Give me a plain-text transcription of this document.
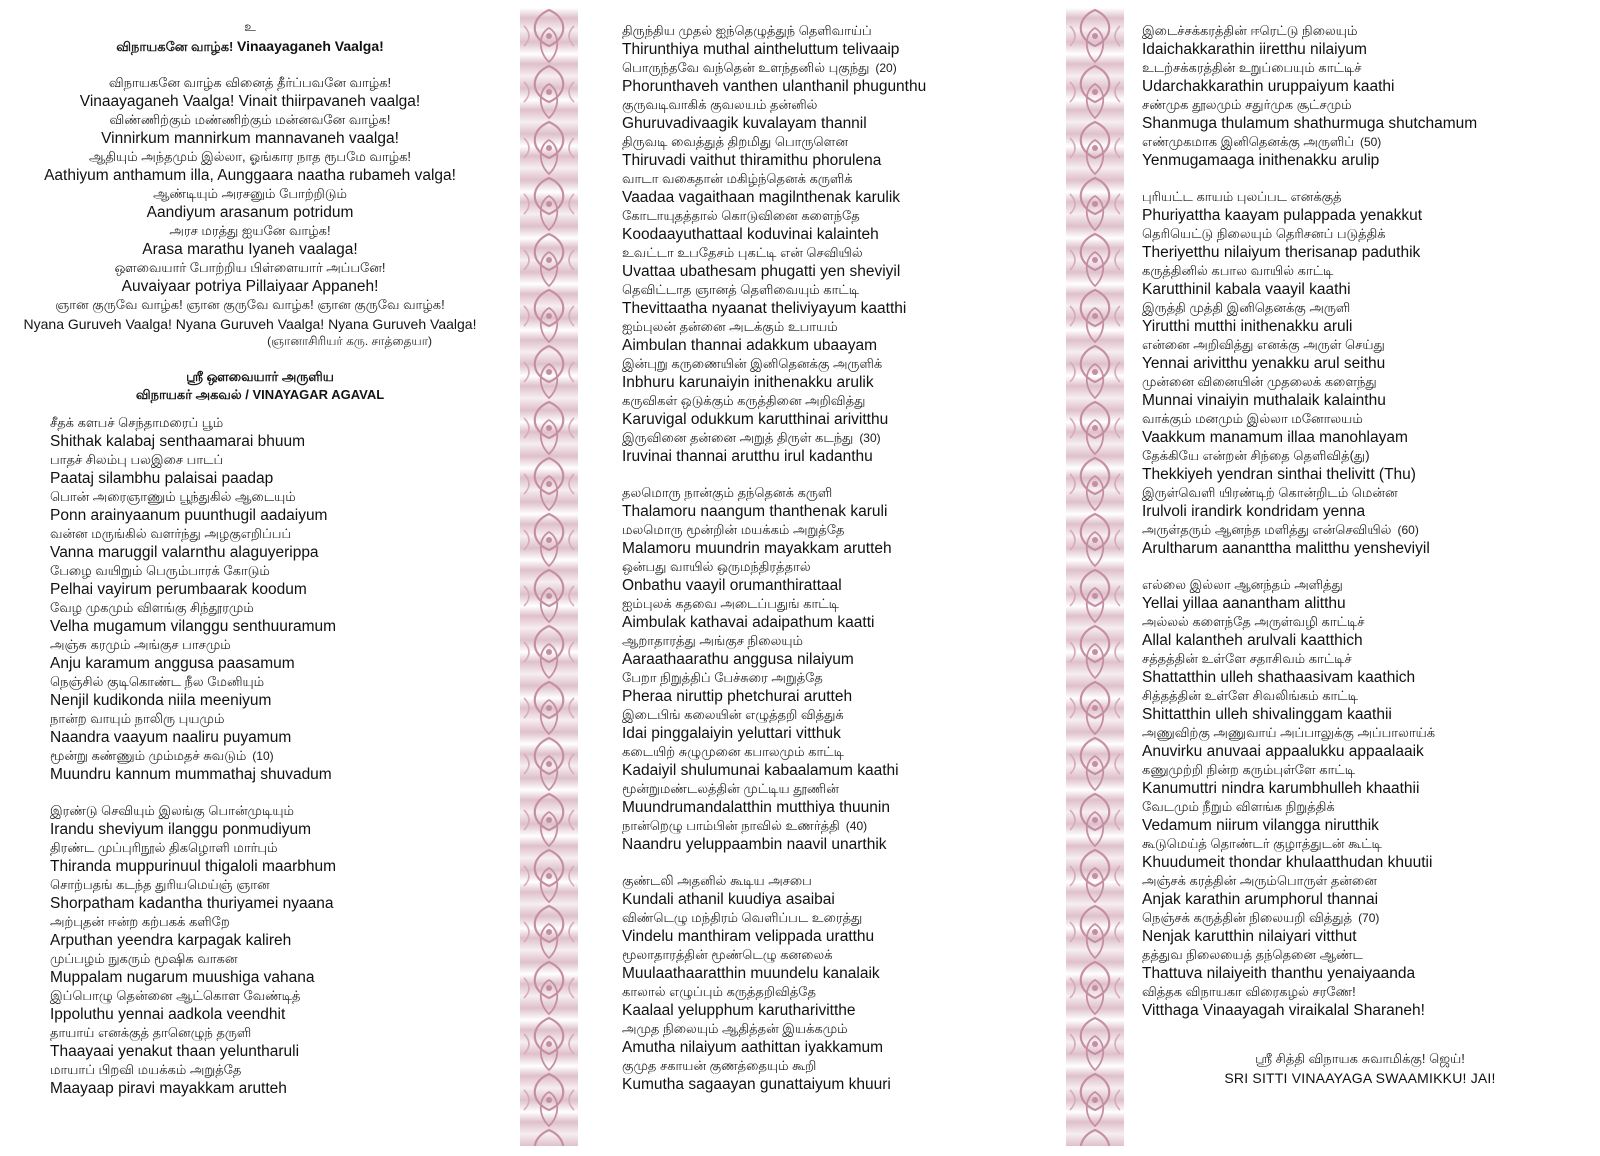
உ
விநாயகனே வாழ்க! Vinaayaganeh Vaalga!
விநாயகனே வாழ்க வினைத் தீர்ப்பவனே வாழ்க!
Vinaayaganeh Vaalga! Vinait thiirpavaneh vaalga!
விண்ணிற்கும் மண்ணிற்கும் மன்னவனே வாழ்க!
Vinnirkum mannirkum mannavaneh vaalga!
ஆதியும் அந்தமும் இல்லா, ஓங்கார நாத ரூபமே வாழ்க!
Aathiyum anthamum illa, Aunggaara naatha rubameh valga!
ஆண்டியும் அரசனும் போற்றிடும்
Aandiyum arasanum potridum
அரச மரத்து ஐயனே வாழ்க!
Arasa marathu Iyaneh vaalaga!
ஔவையார் போற்றிய பிள்ளையார் அப்பனே!
Auvaiyaar potriya Pillaiyaar Appaneh!
ஞான குருவே வாழ்க! ஞான குருவே வாழ்க! ஞான குருவே வாழ்க!
Nyana Guruveh Vaalga! Nyana Guruveh Vaalga! Nyana Guruveh Vaalga!
(ஞானாசிரியர் கரு. சாத்தையா)
ஸ்ரீ ஔவையார் அருளிய
விநாயகர் அகவல் / VINAYAGAR AGAVAL
சீதக் களபச் செந்தாமரைப் பூம்
Shithak kalabaj senthaamarai bhuum
பாதச் சிலம்பு பலஇசை பாடப்
Paataj silambhu palaisai paadap
பொன் அரைஞாணும் பூந்துகில் ஆடையும்
Ponn arainyaanum puunthugil aadaiyum
வன்ன மருங்கில் வளர்ந்து அழகுஎறிப்பப்
Vanna maruggil valarnthu alaguyerippa
பேழை வயிறும் பெரும்பாரக் கோடும்
Pelhai vayirum perumbaarak koodum
வேழ முகமும் விளங்கு சிந்தூரமும்
Velha mugamum vilanggu senthuuramum
அஞ்சு கரமும் அங்குச பாசமும்
Anju karamum anggusa paasamum
நெஞ்சில் குடிகொண்ட நீல மேனியும்
Nenjil kudikonda niila meeniyum
நான்ற வாயும் நாலிரு புயமும்
Naandra vaayum naaliru puyamum
மூன்று கண்ணும் மும்மதச் சுவடும் (10)
Muundru kannum mummathaj shuvadum
இரண்டு செவியும் இலங்கு பொன்முடியும்
Irandu sheviyum ilanggu ponmudiyum
திரண்ட முப்புரிநூல் திகழொளி மார்பும்
Thiranda muppurinuul thigaloli maarbhum
சொற்பதங் கடந்த துரியமெய்ஞ் ஞான
Shorpatham kadantha thuriyamei nyaana
அற்புதன் ஈன்ற கற்பகக் களிறே
Arputhan yeendra karpagak kalireh
முப்பழம் நுகரும் மூஷிக வாகன
Muppalam nugarum muushiga vahana
இப்பொழு தென்னை ஆட்கொள வேண்டித்
Ippoluthu yennai aadkola veendhit
தாயாய் எனக்குத் தானெழுந் தருளி
Thaayaai yenakut thaan yeluntharuli
மாயாப் பிறவி மயக்கம் அறுத்தே
Maayaap piravi mayakkam arutteh
திருந்திய முதல் ஐந்தெழுத்துந் தெளிவாய்ப்
Thirunthiya muthal aintheluttum telivaaip
பொருந்தவே வந்தென் உளந்தனில் புகுந்து (20)
Phorunthaveh vanthen ulanthanil phugunthu
குருவடிவாகிக் குவலயம் தன்னில்
Ghuruvadivaagik kuvalayam thannil
திருவடி வைத்துத் திறமிது பொருளென
Thiruvadi vaithut thiramithu phorulena
வாடா வகைதான் மகிழ்ந்தெனக் கருளிக்
Vaadaa vagaithaan magilnthenak karulik
கோடாயுதத்தால் கொடுவினை களைந்தே
Koodaayuthattaal koduvinai kalainteh
உவட்டா உபதேசம் புகட்டி என் செவியில்
Uvattaa ubathesam phugatti yen sheviyil
தெவிட்டாத ஞானத் தெளிவையும் காட்டி
Thevittaatha nyaanat theliviyayum kaatthi
ஐம்புலன் தன்னை அடக்கும் உபாயம்
Aimbulan thannai adakkum ubaayam
இன்புறு கருணையின் இனிதெனக்கு அருளிக்
Inbhuru karunaiyin inithenakku arulik
கருவிகள் ஒடுக்கும் கருத்தினை அறிவித்து
Karuvigal odukkum karutthinai arivitthu
இருவினை தன்னை அறுத் திருள் கடந்து (30)
Iruvinai thannai arutthu irul kadanthu
தலமொரு நான்கும் தந்தெனக் கருளி
Thalamoru naangum thanthenak karuli
மலமொரு மூன்றின் மயக்கம் அறுத்தே
Malamoru muundrin mayakkam arutteh
ஒன்பது வாயில் ஒருமந்திரத்தால்
Onbathu vaayil orumanthirattaal
ஐம்புலக் கதவை அடைப்பதுங் காட்டி
Aimbulak kathavai adaipathum kaatti
ஆறாதாரத்து அங்குச நிலையும்
Aaraathaarathu anggusa nilaiyum
பேறா நிறுத்திப் பேச்சுரை அறுத்தே
Pheraa niruttip phetchurai arutteh
இடைபிங் கலையின் எழுத்தறி வித்துக்
Idai pinggalaiyin yeluttari vitthuk
கடையிற் சுழுமுனை கபாலமும் காட்டி
Kadaiyil shulumunai kabaalamum kaathi
மூன்றுமண்டலத்தின் முட்டிய தூணின்
Muundrumandalatthin mutthiya thuunin
நான்றெழு பாம்பின் நாவில் உணர்த்தி (40)
Naandru yeluppaambin naavil unarthik
குண்டலி அதனில் கூடிய அசபை
Kundali athanil kuudiya asaibai
விண்டெழு மந்திரம் வெளிப்பட உரைத்து
Vindelu manthiram velippada uratthu
மூலாதாரத்தின் மூண்டெழு கனலைக்
Muulaathaaratthin muundelu kanalaik
காலால் எழுப்பும் கருத்தறிவித்தே
Kaalaal yelupphum karutharivitthe
அமுத நிலையும் ஆதித்தன் இயக்கமும்
Amutha nilaiyum aathittan iyakkamum
குமுத சகாயன் குணத்தையும் கூறி
Kumutha sagaayan gunattaiyum khuuri
இடைச்சக்கரத்தின் ஈரெட்டு நிலையும்
Idaichakkarathin iiretthu nilaiyum
உடற்சக்கரத்தின் உறுப்பையும் காட்டிச்
Udarchakkarathin uruppaiyum kaathi
சண்முக தூலமும் சதுர்முக சூட்சமும்
Shanmuga thulamum shathurmuga shutchamum
எண்முகமாக இனிதெனக்கு அருளிப் (50)
Yenmugamaaga inithenakku arulip
புரியட்ட காயம் புலப்பட எனக்குத்
Phuriyattha kaayam pulappada yenakkut
தெரியெட்டு நிலையும் தெரிசனப் படுத்திக்
Theriyetthu nilaiyum therisanap paduthik
கருத்தினில் கபால வாயில் காட்டி
Karutthinil kabala vaayil kaathi
இருத்தி முத்தி இனிதெனக்கு அருளி
Yirutthi mutthi inithenakku aruli
என்னை அறிவித்து எனக்கு அருள் செய்து
Yennai arivitthu yenakku arul seithu
முன்னை வினையின் முதலைக் களைந்து
Munnai vinaiyin muthalaik kalainthu
வாக்கும் மனமும் இல்லா மனோலயம்
Vaakkum manamum illaa manohlayam
தேக்கியே என்றன் சிந்தை தெளிவித்(து)
Thekkiyeh yendran sinthai thelivitt (Thu)
இருள்வெளி யிரண்டிற் கொன்றிடம் மென்ன
Irulvoli irandirk kondridam yenna
அருள்தரும் ஆனந்த மளித்து என்செவியில் (60)
Arultharum aananttha malitthu yensheviyil
எல்லை இல்லா ஆனந்தம் அளித்து
Yellai yillaa aanantham alitthu
அல்லல் களைந்தே அருள்வழி காட்டிச்
Allal kalantheh arulvali kaatthich
சத்தத்தின் உள்ளே சதாசிவம் காட்டிச்
Shattatthin ulleh shathaasivam kaathich
சித்தத்தின் உள்ளே சிவலிங்கம் காட்டி
Shittatthin ulleh shivalinggam kaathii
அணுவிற்கு அணுவாய் அப்பாலுக்கு அப்பாலாய்க்
Anuvirku anuvaai appaalukku appaalaaik
கணுமுற்றி நின்ற கரும்புள்ளே காட்டி
Kanumuttri nindra karumbhulleh khaathii
வேடமும் நீறும் விளங்க நிறுத்திக்
Vedamum niirum vilangga nirutthik
கூடுமெய்த் தொண்டர் குழாத்துடன் கூட்டி
Khuudumeit thondar khulaatthudan khuutii
அஞ்சக் கரத்தின் அரும்பொருள் தன்னை
Anjak karathin arumphorul thannai
நெஞ்சக் கருத்தின் நிலையறி வித்துத் (70)
Nenjak karutthin nilaiyari vitthut
தத்துவ நிலையைத் தந்தெனை ஆண்ட
Thattuva nilaiyeith thanthu yenaiyaanda
வித்தக விநாயகா விரைகழல் சரணே!
Vitthaga Vinaayagah viraikalal Sharaneh!
ஸ்ரீ சித்தி விநாயக சுவாமிக்கு! ஜெய்!
SRI SITTI VINAAYAGA SWAAMIKKU! JAI!
